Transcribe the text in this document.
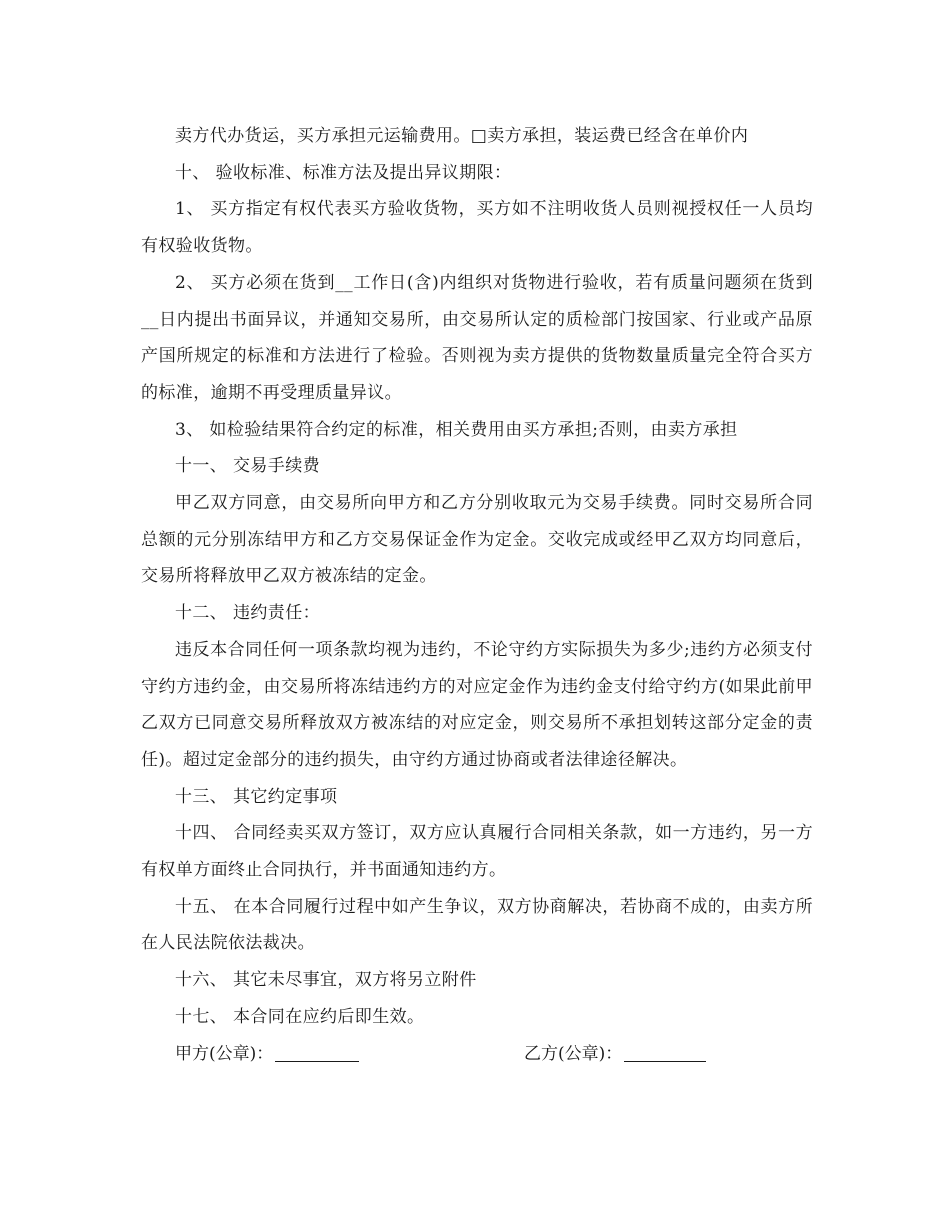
卖方代办货运，买方承担元运输费用。□卖方承担，装运费已经含在单价内

十、 验收标准、标准方法及提出异议期限：

1、 买方指定有权代表买方验收货物，买方如不注明收货人员则视授权任一人员均有权验收货物。

2、 买方必须在货到__工作日(含)内组织对货物进行验收，若有质量问题须在货到__日内提出书面异议，并通知交易所，由交易所认定的质检部门按国家、行业或产品原产国所规定的标准和方法进行了检验。否则视为卖方提供的货物数量质量完全符合买方的标准，逾期不再受理质量异议。

3、 如检验结果符合约定的标准，相关费用由买方承担;否则，由卖方承担

十一、 交易手续费

甲乙双方同意，由交易所向甲方和乙方分别收取元为交易手续费。同时交易所合同总额的元分别冻结甲方和乙方交易保证金作为定金。交收完成或经甲乙双方均同意后，交易所将释放甲乙双方被冻结的定金。

十二、 违约责任：

违反本合同任何一项条款均视为违约，不论守约方实际损失为多少;违约方必须支付守约方违约金，由交易所将冻结违约方的对应定金作为违约金支付给守约方(如果此前甲乙双方已同意交易所释放双方被冻结的对应定金，则交易所不承担划转这部分定金的责任)。超过定金部分的违约损失，由守约方通过协商或者法律途径解决。

十三、 其它约定事项

十四、 合同经卖买双方签订，双方应认真履行合同相关条款，如一方违约，另一方有权单方面终止合同执行，并书面通知违约方。

十五、 在本合同履行过程中如产生争议，双方协商解决，若协商不成的，由卖方所在人民法院依法裁决。

十六、 其它未尽事宜，双方将另立附件

十七、 本合同在应约后即生效。

甲方(公章)：	乙方(公章)：
